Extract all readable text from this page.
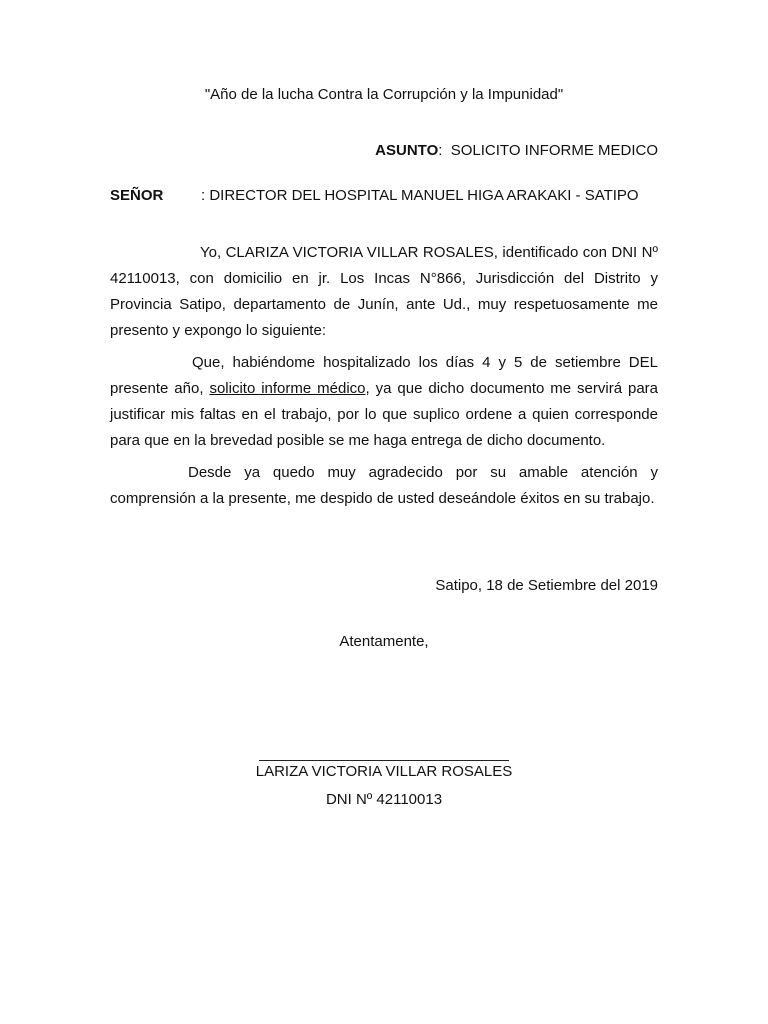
"Año de la lucha Contra la Corrupción y la Impunidad"
ASUNTO:  SOLICITO INFORME MEDICO
SEÑOR	: DIRECTOR DEL HOSPITAL MANUEL HIGA ARAKAKI - SATIPO

Yo, CLARIZA VICTORIA VILLAR ROSALES, identificado con DNI Nº 42110013, con domicilio en jr. Los Incas N°866, Jurisdicción del Distrito y Provincia Satipo, departamento de Junín, ante Ud., muy respetuosamente me presento y expongo lo siguiente:

Que, habiéndome hospitalizado los días 4 y 5 de setiembre DEL presente año, solicito informe médico, ya que dicho documento me servirá para justificar mis faltas en el trabajo, por lo que suplico ordene a quien corresponde para que en la brevedad posible se me haga entrega de dicho documento.

Desde ya quedo muy agradecido por su amable atención y comprensión a la presente, me despido de usted deseándole éxitos en su trabajo.

Satipo, 18 de Setiembre del 2019
Atentamente,
LARIZA VICTORIA VILLAR ROSALES
DNI Nº 42110013
